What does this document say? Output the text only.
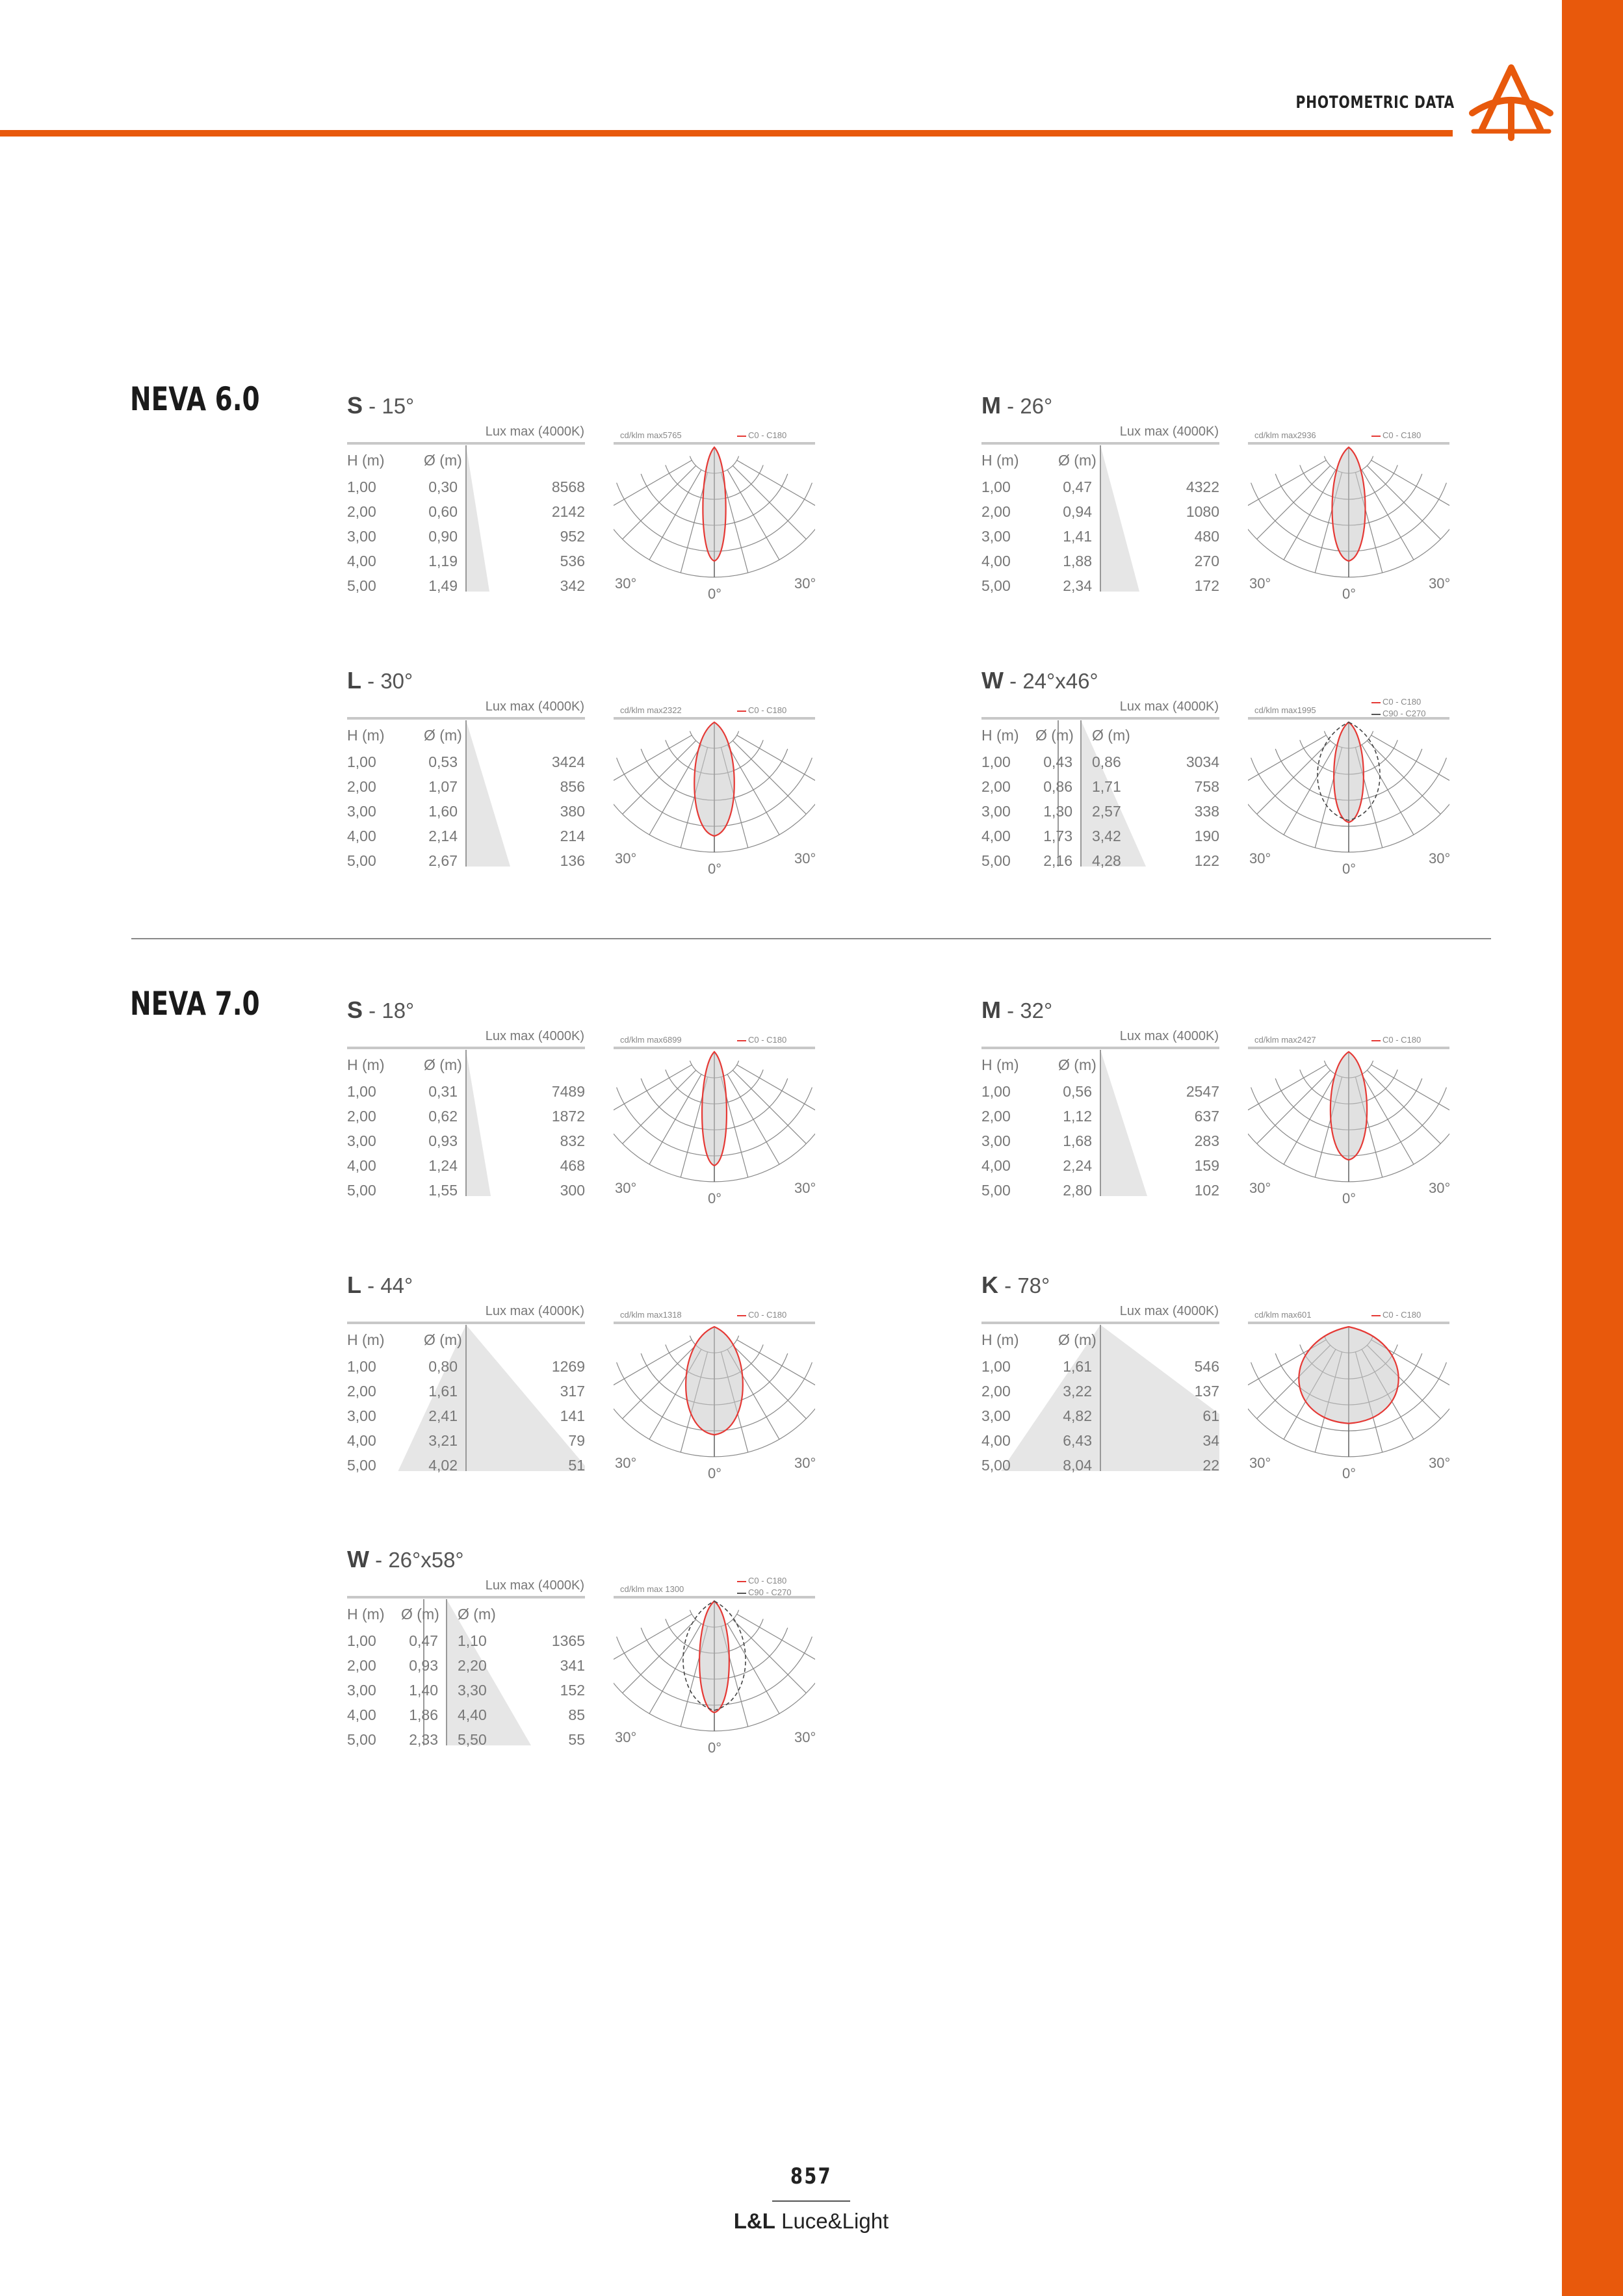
PHOTOMETRIC DATA
NEVA 6.0
NEVA 7.0
S - 15°
Lux max (4000K)	cd/klm max5765	C0 - C180
H (m)	Ø (m)
1,00	0,30	8568
2,00	0,60	2142
3,00	0,90	952
4,00	1,19	536
5,00	1,49	342 30°	30°
0°
M - 26°
Lux max (4000K)	cd/klm max2936	C0 - C180
H (m)	Ø (m)
1,00	0,47	4322
2,00	0,94	1080
3,00	1,41	480
4,00	1,88	270
5,00	2,34	172 30°	30°
0°
L - 30°
Lux max (4000K)	cd/klm max2322	C0 - C180
H (m)	Ø (m)
1,00	0,53	3424
2,00	1,07	856
3,00	1,60	380
4,00	2,14	214
5,00	2,67	136 30°	30°
0°
W - 24°x46°
Lux max (4000K)	cd/klm max1995
C0 - C180
C90 - C270
H (m) Ø (m) Ø (m)
1,00	0,43 0,86	3034
2,00	0,86 1,71	758
3,00	1,30 2,57	338
4,00	1,73 3,42	190
5,00	2,16 4,28	122 30°	30°
0°
S - 18°
Lux max (4000K)	cd/klm max6899	C0 - C180
H (m)	Ø (m)
1,00	0,31	7489
2,00	0,62	1872
3,00	0,93	832
4,00	1,24	468
5,00	1,55	300 30°	30°
0°
M - 32°
Lux max (4000K)	cd/klm max2427	C0 - C180
H (m)	Ø (m)
1,00	0,56	2547
2,00	1,12	637
3,00	1,68	283
4,00	2,24	159
5,00	2,80	102 30°	30°
0°
L - 44°
Lux max (4000K)	cd/klm max1318	C0 - C180
H (m)	Ø (m)
1,00	0,80	1269
2,00	1,61	317
3,00	2,41	141
4,00	3,21	79
5,00	4,02	51 30°	30°
0°
K - 78°
Lux max (4000K)	cd/klm max601	C0 - C180
H (m)	Ø (m)
1,00	1,61	546
2,00	3,22	137
3,00	4,82	61
4,00	6,43	34
5,00	8,04	22 30°	30°
0°
W - 26°x58°
Lux max (4000K)	cd/klm max 1300
C0 - C180
C90 - C270
H (m) Ø (m) Ø (m)
1,00	0,47 1,10	1365
2,00	0,93 2,20	341
3,00	1,40 3,30	152
4,00	1,86 4,40	85
5,00	2,33 5,50	55 30°	30°
0°
857
L&L Luce&Light
